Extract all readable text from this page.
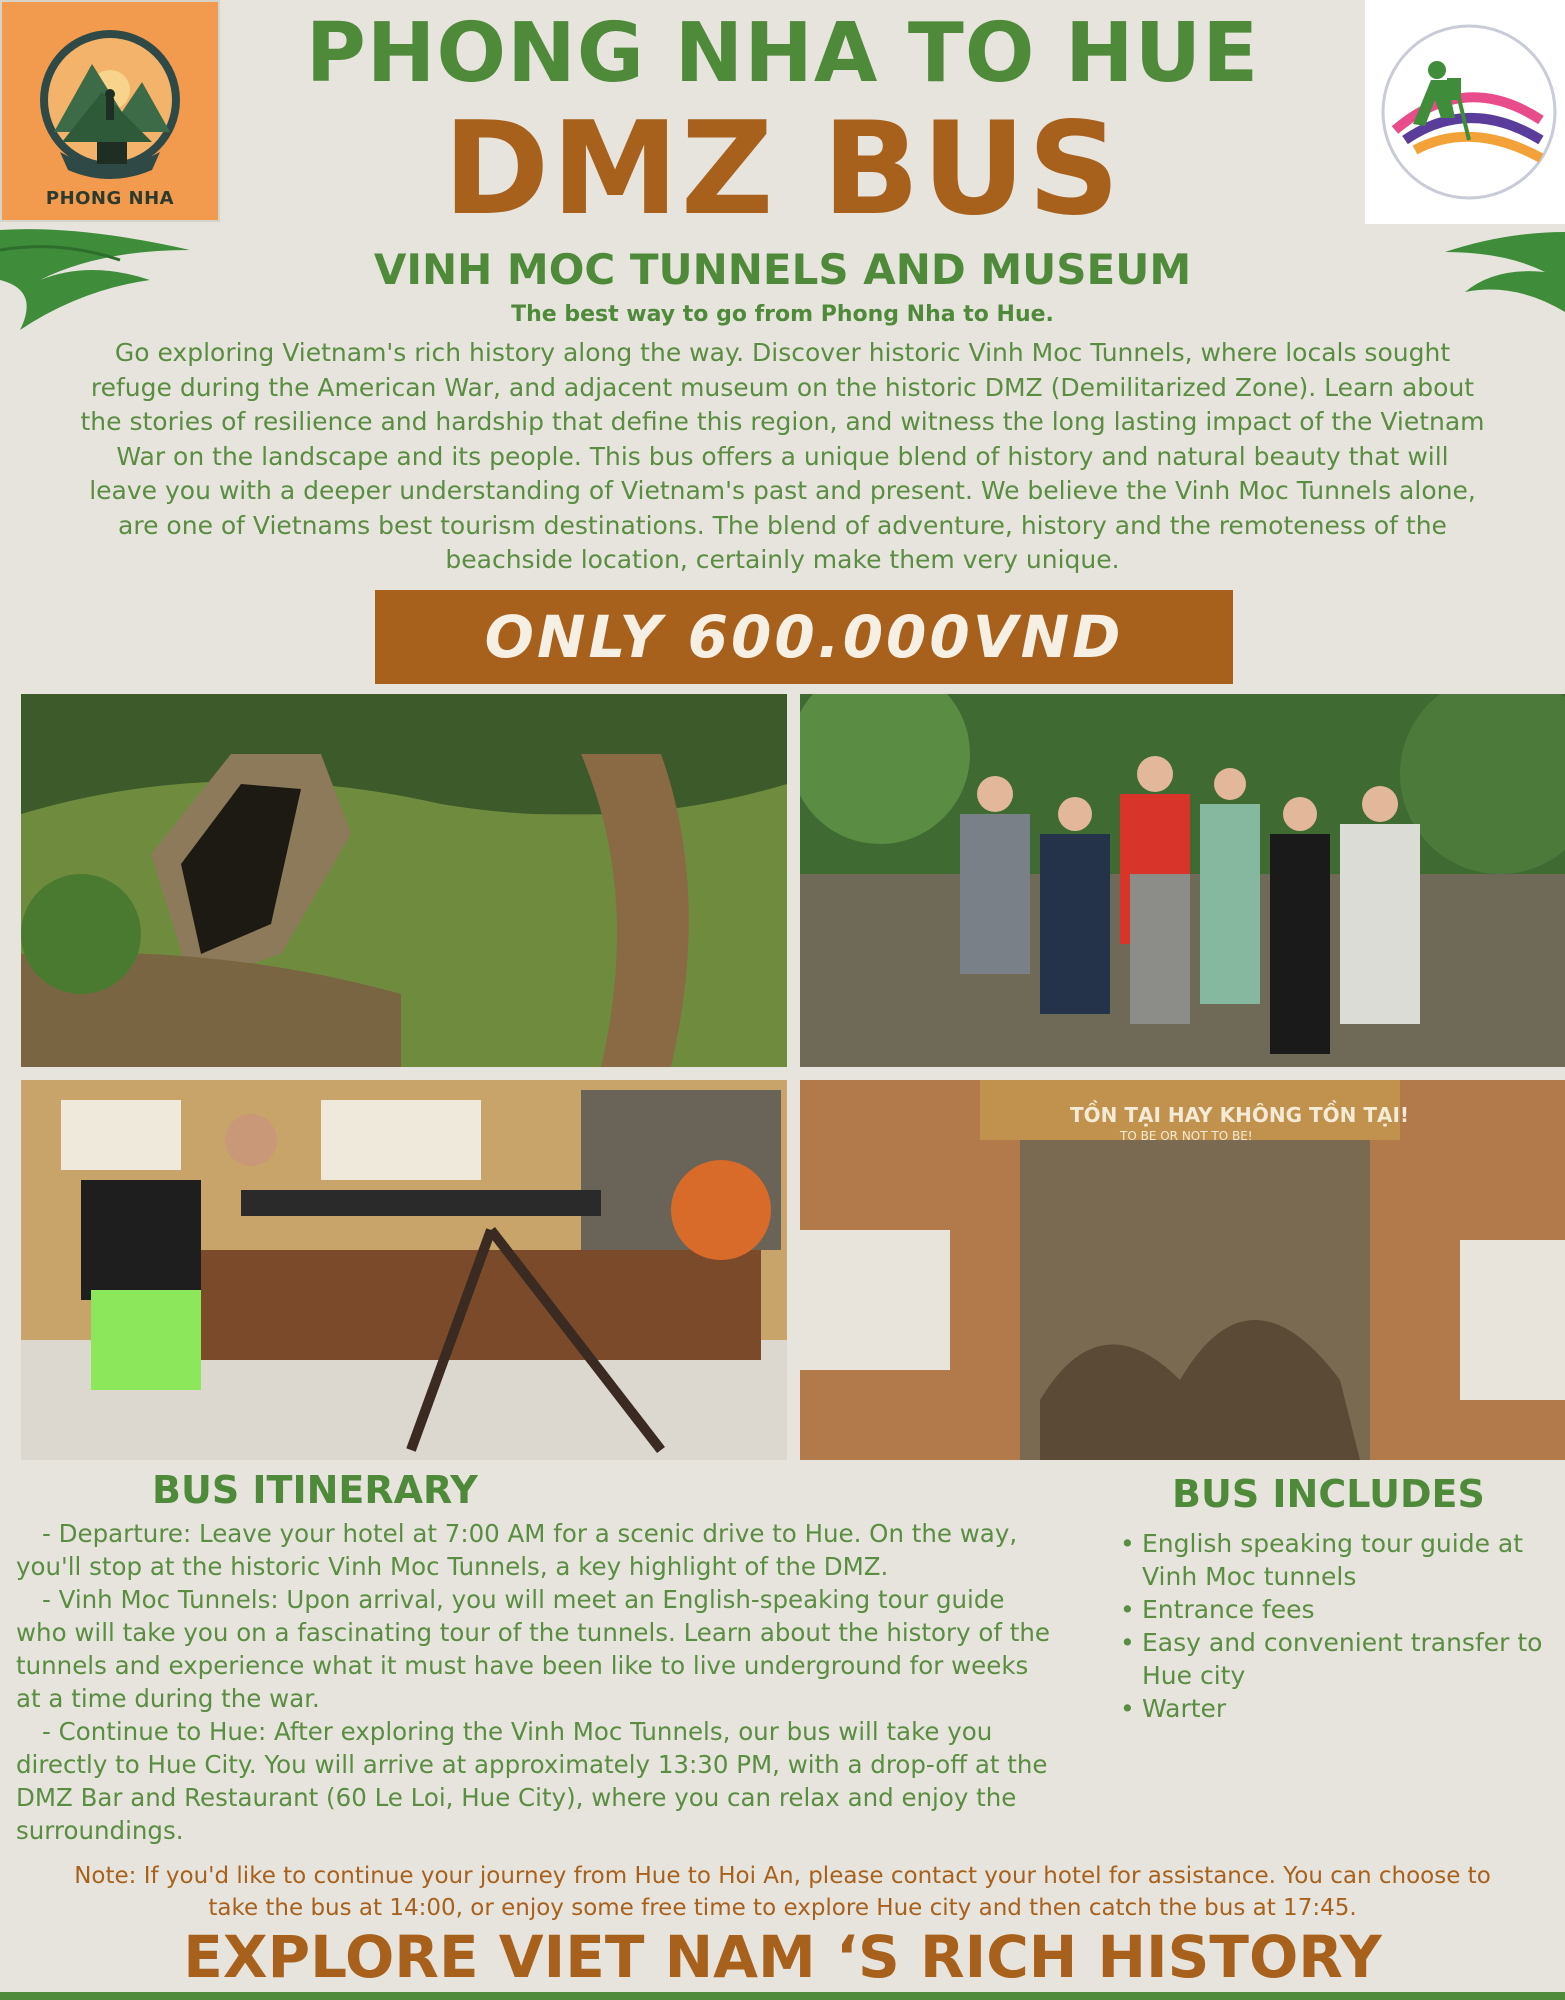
PHONG NHA
PHONG NHA TO HUE
DMZ BUS
VINH MOC TUNNELS AND MUSEUM
The best way to go from Phong Nha to Hue.
Go exploring Vietnam's rich history along the way. Discover historic Vinh Moc Tunnels, where locals sought
refuge during the American War, and adjacent museum on the historic DMZ (Demilitarized Zone). Learn about
the stories of resilience and hardship that define this region, and witness the long lasting impact of the Vietnam
War on the landscape and its people. This bus offers a unique blend of history and natural beauty that will
leave you with a deeper understanding of Vietnam's past and present. We believe the Vinh Moc Tunnels alone,
are one of Vietnams best tourism destinations. The blend of adventure, history and the remoteness of the
beachside location, certainly make them very unique.
ONLY 600.000VND
TỒN TẠI HAY KHÔNG TỒN TẠI!
TO BE OR NOT TO BE!
BUS ITINERARY

- Departure: Leave your hotel at 7:00 AM for a scenic drive to Hue. On the way, you'll stop at the historic Vinh Moc Tunnels, a key highlight of the DMZ.

- Vinh Moc Tunnels: Upon arrival, you will meet an English-speaking tour guide who will take you on a fascinating tour of the tunnels. Learn about the history of the tunnels and experience what it must have been like to live underground for weeks at a time during the war.

- Continue to Hue: After exploring the Vinh Moc Tunnels, our bus will take you directly to Hue City. You will arrive at approximately 13:30 PM, with a drop-off at the DMZ Bar and Restaurant (60 Le Loi, Hue City), where you can relax and enjoy the surroundings.

BUS INCLUDES
• English speaking tour guide at Vinh Moc tunnels
• Entrance fees
• Easy and convenient transfer to Hue city
• Warter
Note: If you'd like to continue your journey from Hue to Hoi An, please contact your hotel for assistance. You can choose to
take the bus at 14:00, or enjoy some free time to explore Hue city and then catch the bus at 17:45.
EXPLORE VIET NAM ‘S RICH HISTORY
